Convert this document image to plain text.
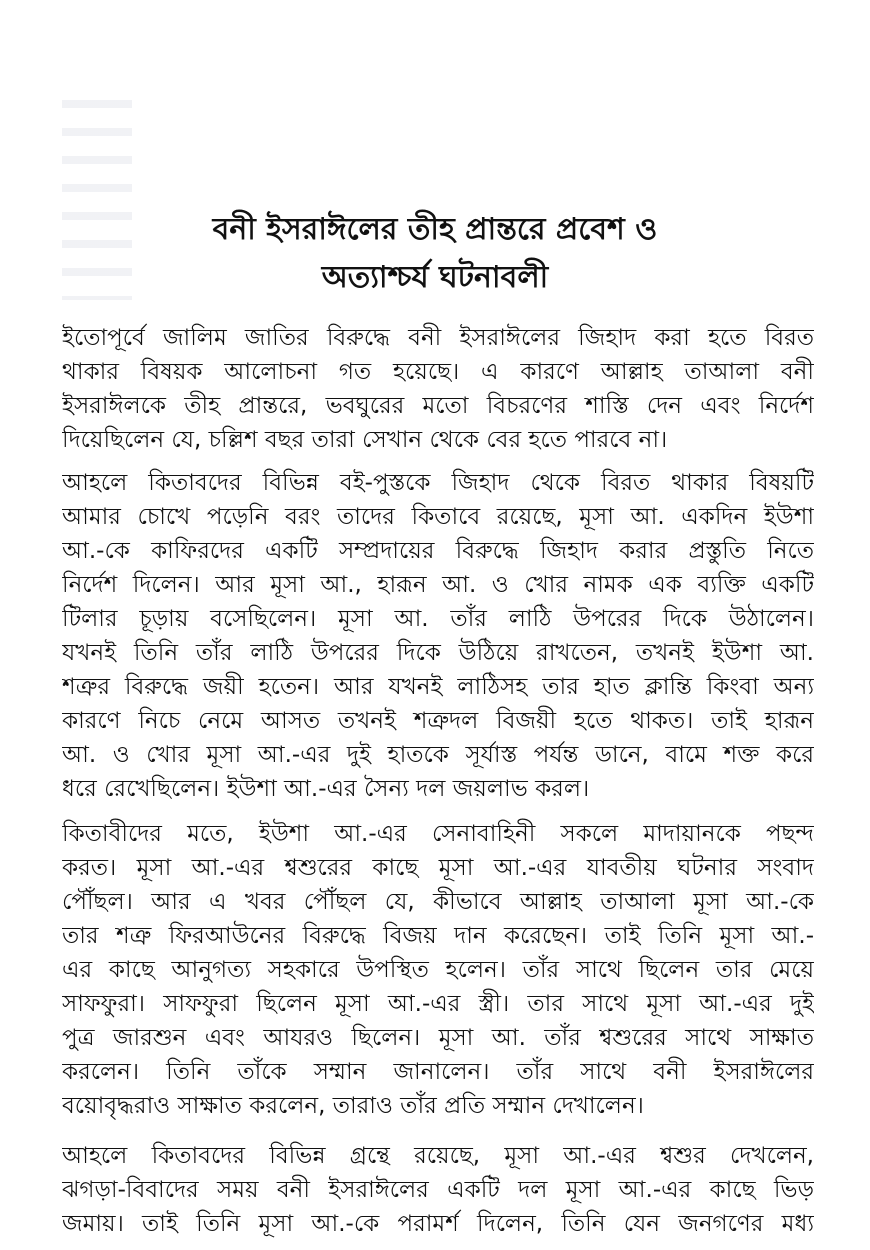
বনী ইসরাঈলের তীহ প্রান্তরে প্রবেশ ও
অত্যাশ্চর্য ঘটনাবলী
ইতোপূর্বে জালিম জাতির বিরুদ্ধে বনী ইসরাঈলের জিহাদ করা হতে বিরত
থাকার বিষয়ক আলোচনা গত হয়েছে। এ কারণে আল্লাহ তাআলা বনী
ইসরাঈলকে তীহ প্রান্তরে, ভবঘুরের মতো বিচরণের শাস্তি দেন এবং নির্দেশ
দিয়েছিলেন যে, চল্লিশ বছর তারা সেখান থেকে বের হতে পারবে না।
আহলে কিতাবদের বিভিন্ন বই-পুস্তকে জিহাদ থেকে বিরত থাকার বিষয়টি
আমার চোখে পড়েনি বরং তাদের কিতাবে রয়েছে, মূসা আ. একদিন ইউশা
আ.-কে কাফিরদের একটি সম্প্রদায়ের বিরুদ্ধে জিহাদ করার প্রস্তুতি নিতে
নির্দেশ দিলেন। আর মূসা আ., হারূন আ. ও খোর নামক এক ব্যক্তি একটি
টিলার চূড়ায় বসেছিলেন। মূসা আ. তাঁর লাঠি উপরের দিকে উঠালেন।
যখনই তিনি তাঁর লাঠি উপরের দিকে উঠিয়ে রাখতেন, তখনই ইউশা আ.
শত্রুর বিরুদ্ধে জয়ী হতেন। আর যখনই লাঠিসহ তার হাত ক্লান্তি কিংবা অন্য
কারণে নিচে নেমে আসত তখনই শত্রুদল বিজয়ী হতে থাকত। তাই হারূন
আ. ও খোর মূসা আ.-এর দুই হাতকে সূর্যাস্ত পর্যন্ত ডানে, বামে শক্ত করে
ধরে রেখেছিলেন। ইউশা আ.-এর সৈন্য দল জয়লাভ করল।
কিতাবীদের মতে, ইউশা আ.-এর সেনাবাহিনী সকলে মাদায়ানকে পছন্দ
করত। মূসা আ.-এর শ্বশুরের কাছে মূসা আ.-এর যাবতীয় ঘটনার সংবাদ
পৌঁছল। আর এ খবর পৌঁছল যে, কীভাবে আল্লাহ তাআলা মূসা আ.-কে
তার শত্রু ফিরআউনের বিরুদ্ধে বিজয় দান করেছেন। তাই তিনি মূসা আ.-
এর কাছে আনুগত্য সহকারে উপস্থিত হলেন। তাঁর সাথে ছিলেন তার মেয়ে
সাফফুরা। সাফফুরা ছিলেন মূসা আ.-এর স্ত্রী। তার সাথে মূসা আ.-এর দুই
পুত্র জারশুন এবং আযরও ছিলেন। মূসা আ. তাঁর শ্বশুরের সাথে সাক্ষাত
করলেন। তিনি তাঁকে সম্মান জানালেন। তাঁর সাথে বনী ইসরাঈলের
বয়োবৃদ্ধরাও সাক্ষাত করলেন, তারাও তাঁর প্রতি সম্মান দেখালেন।
আহলে কিতাবদের বিভিন্ন গ্রন্থে রয়েছে, মূসা আ.-এর শ্বশুর দেখলেন,
ঝগড়া-বিবাদের সময় বনী ইসরাঈলের একটি দল মূসা আ.-এর কাছে ভিড়
জমায়। তাই তিনি মূসা আ.-কে পরামর্শ দিলেন, তিনি যেন জনগণের মধ্য
